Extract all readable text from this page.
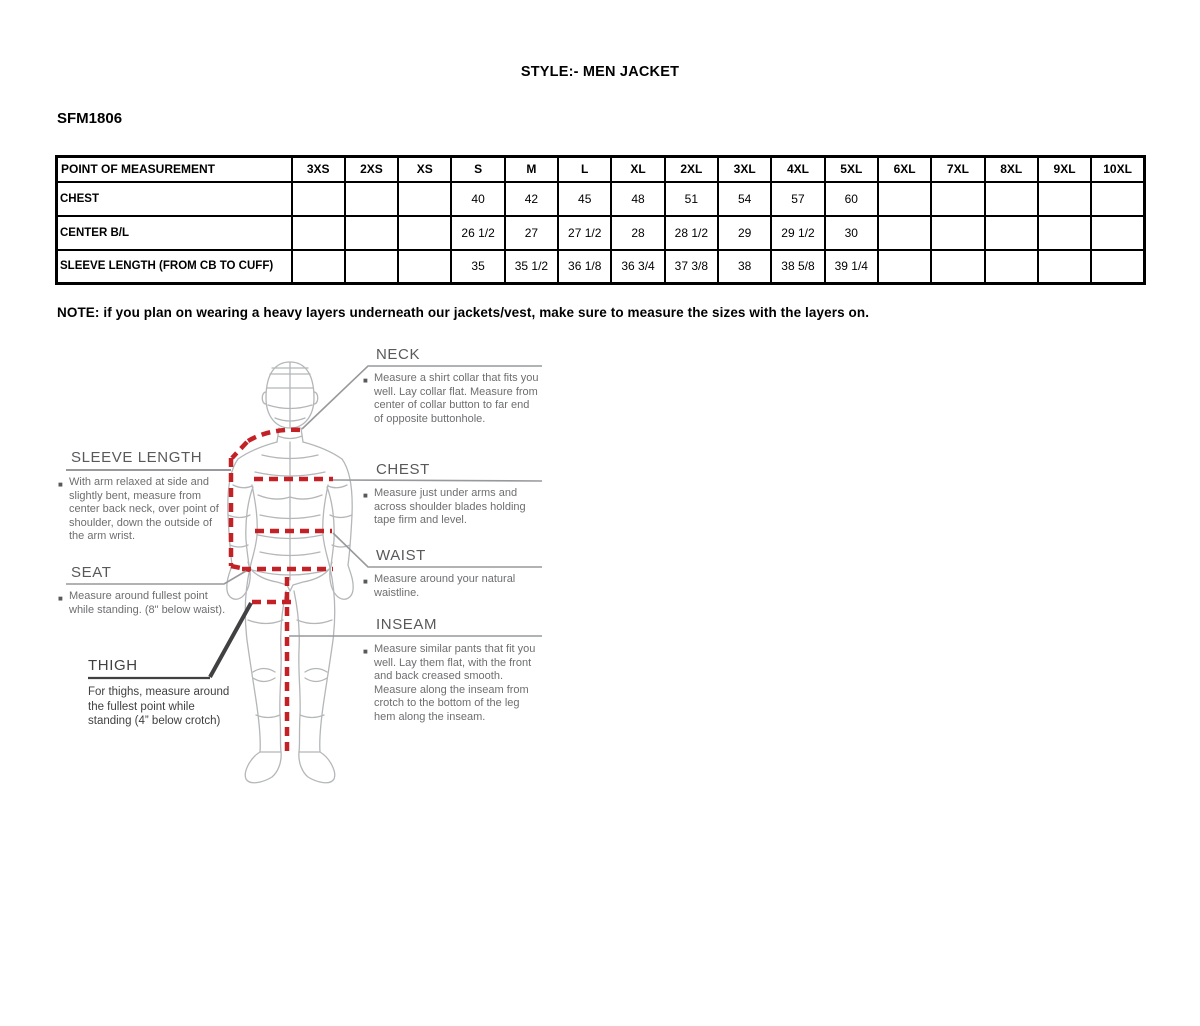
STYLE:- MEN JACKET
SFM1806
POINT OF MEASUREMENT	3XS	2XS	XS	S	M	L	XL	2XL	3XL	4XL	5XL	6XL	7XL	8XL	9XL	10XL
CHEST				40	42	45	48	51	54	57	60					
CENTER B/L				26 1/2	27	27 1/2	28	28 1/2	29	29 1/2	30					
SLEEVE LENGTH (FROM CB TO CUFF)				35	35 1/2	36 1/8	36 3/4	37 3/8	38	38 5/8	39 1/4					
NOTE: if you plan on wearing a heavy layers underneath our jackets/vest, make sure to measure the sizes with the layers on.
NECK
■ Measure a shirt collar that fits you well. Lay collar flat. Measure from center of collar button to far end of opposite buttonhole.
CHEST
■ Measure just under arms and across shoulder blades holding tape firm and level.
WAIST
■ Measure around your natural waistline.
INSEAM
■ Measure similar pants that fit you well. Lay them flat, with the front and back creased smooth. Measure along the inseam from crotch to the bottom of the leg hem along the inseam.
SLEEVE LENGTH
■ With arm relaxed at side and slightly bent, measure from center back neck, over point of shoulder, down the outside of the arm wrist.
SEAT
■ Measure around fullest point while standing. (8" below waist).
THIGH
For thighs, measure around the fullest point while standing (4” below crotch)
